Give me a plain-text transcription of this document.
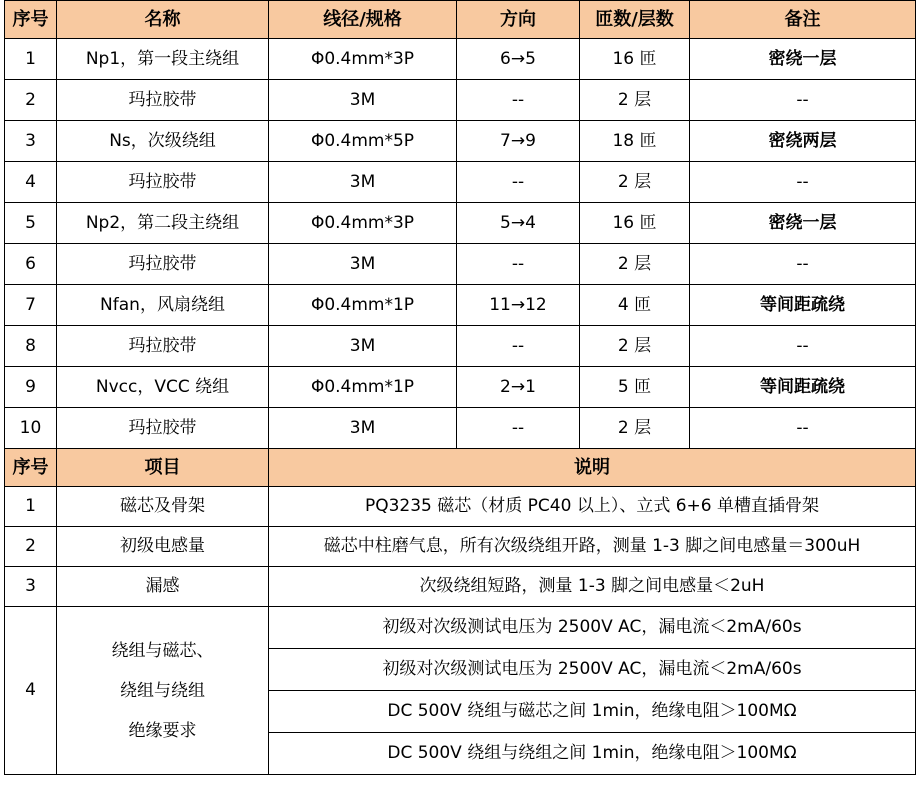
序号	名称	线径/规格	方向	匝数/层数	备注
1	Np1，第一段主绕组	Φ0.4mm*3P	6→5	16 匝	密绕一层
2	玛拉胶带	3M	--	2 层	--
3	Ns，次级绕组	Φ0.4mm*5P	7→9	18 匝	密绕两层
4	玛拉胶带	3M	--	2 层	--
5	Np2，第二段主绕组	Φ0.4mm*3P	5→4	16 匝	密绕一层
6	玛拉胶带	3M	--	2 层	--
7	Nfan，风扇绕组	Φ0.4mm*1P	11→12	4 匝	等间距疏绕
8	玛拉胶带	3M	--	2 层	--
9	Nvcc，VCC 绕组	Φ0.4mm*1P	2→1	5 匝	等间距疏绕
10	玛拉胶带	3M	--	2 层	--
序号	项目	说明			
1	磁芯及骨架	PQ3235 磁芯（材质 PC40 以上）、立式 6+6 单槽直插骨架			
2	初级电感量	磁芯中柱磨气息，所有次级绕组开路，测量 1-3 脚之间电感量＝300uH			
3	漏感	次级绕组短路，测量 1-3 脚之间电感量＜2uH			
4	绕组与磁芯、
绕组与绕组
绝缘要求	初级对次级测试电压为 2500V AC，漏电流＜2mA/60s			
		初级对次级测试电压为 2500V AC，漏电流＜2mA/60s			
		DC 500V 绕组与磁芯之间 1min，绝缘电阻＞100MΩ			
		DC 500V 绕组与绕组之间 1min，绝缘电阻＞100MΩ			
